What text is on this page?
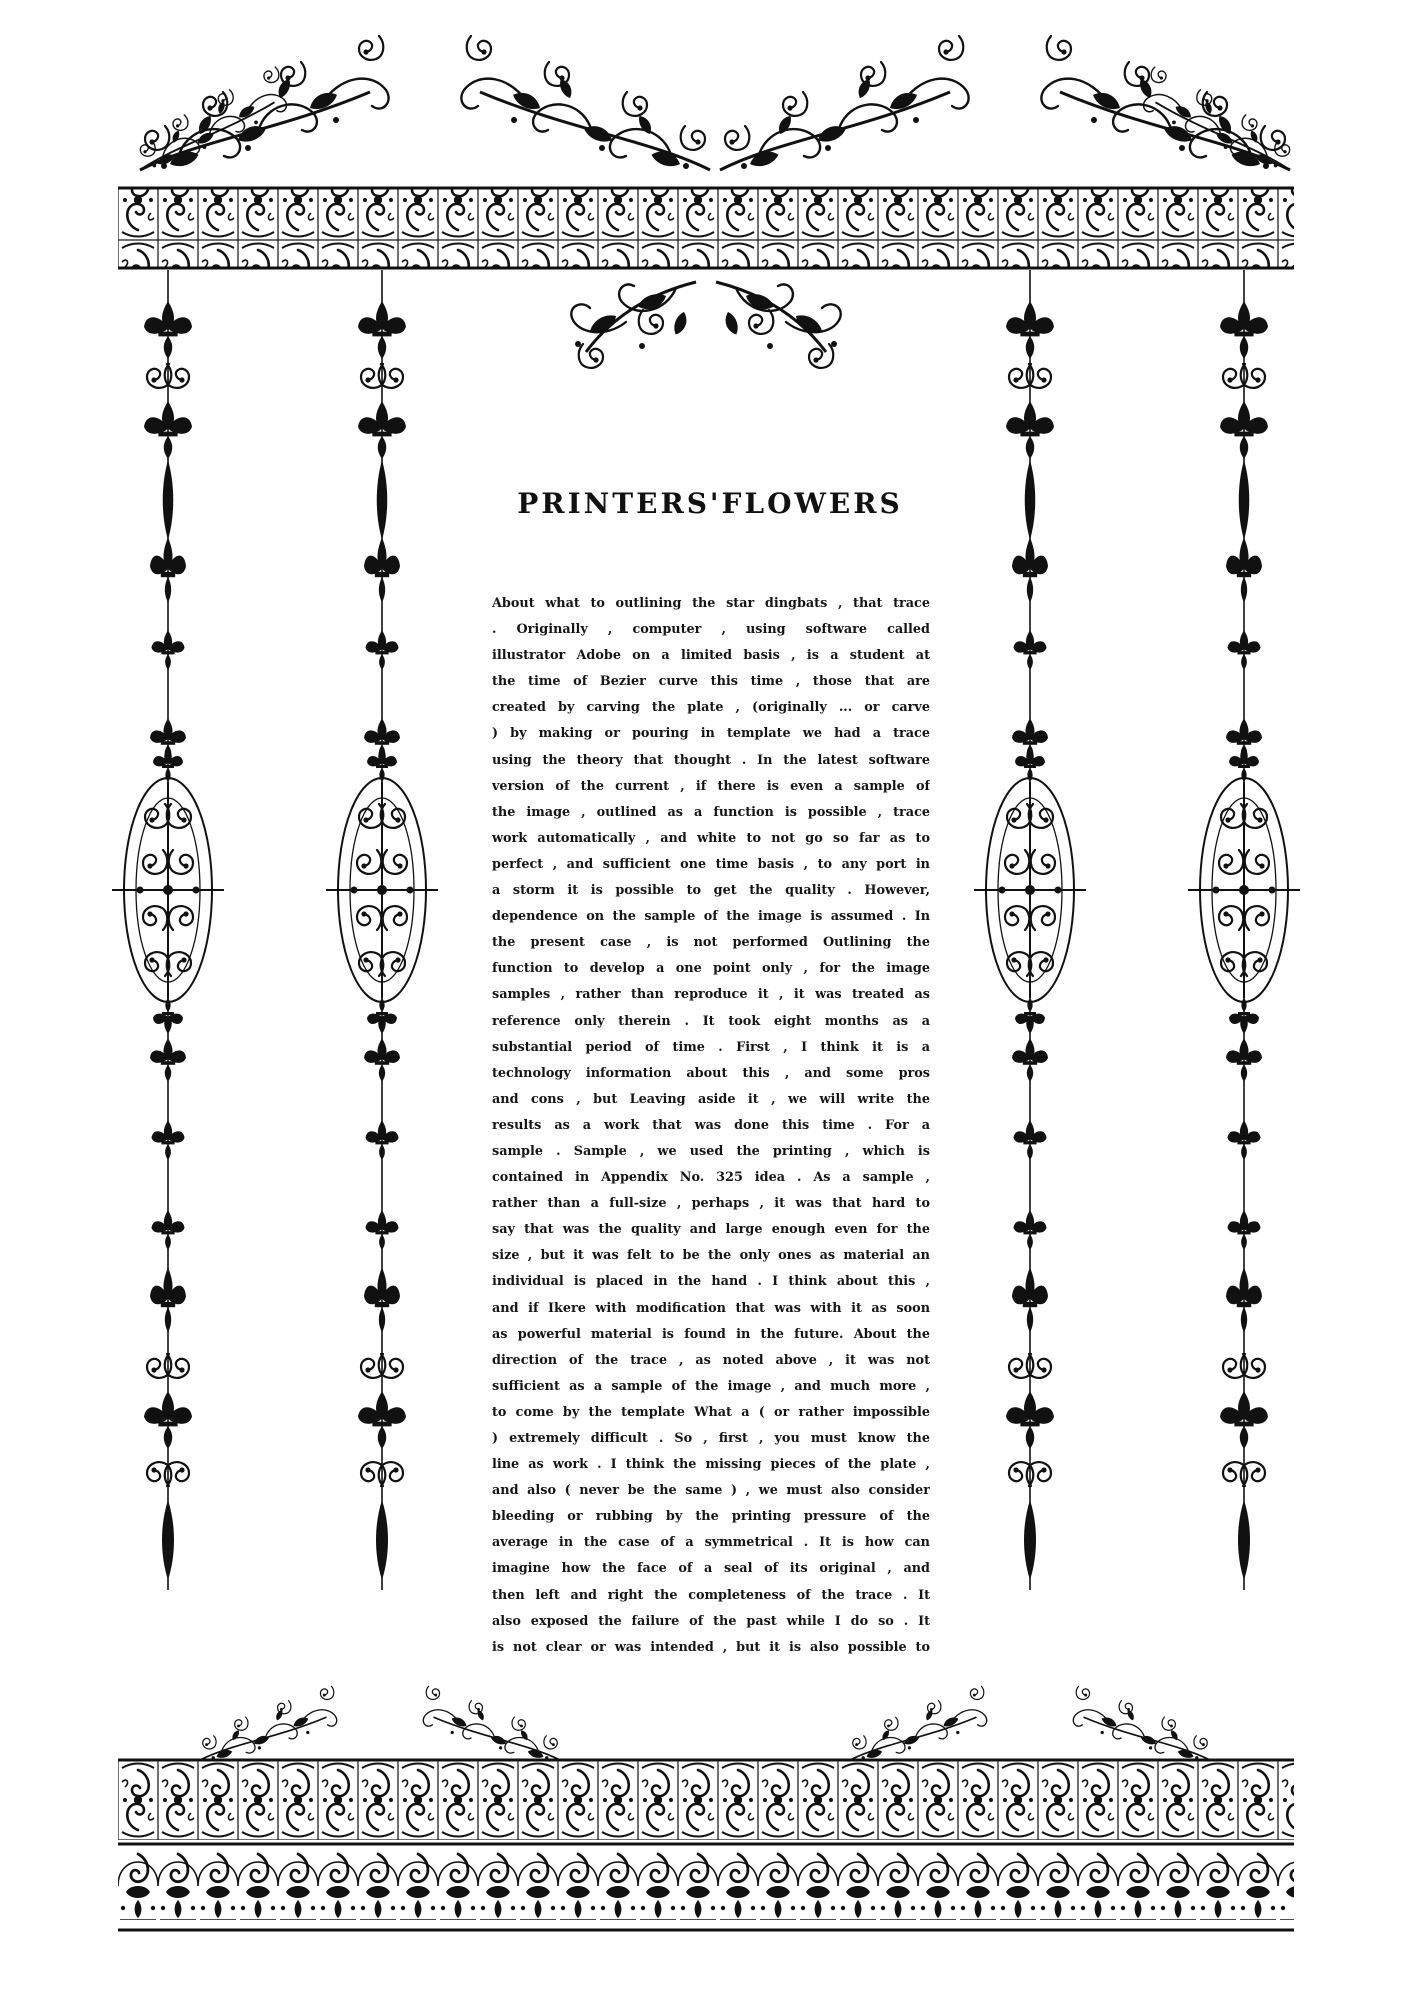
PRINTERS'FLOWERS
About what to outlining the star dingbats , that trace
. Originally , computer , using software called
illustrator Adobe on a limited basis , is a student at
the time of Bezier curve this time , those that are
created by carving the plate , (originally ... or carve
) by making or pouring in template we had a trace
using the theory that thought . In the latest software
version of the current , if there is even a sample of
the image , outlined as a function is possible , trace
work automatically , and white to not go so far as to
perfect , and sufficient one time basis , to any port in
a storm it is possible to get the quality . However,
dependence on the sample of the image is assumed . In
the present case , is not performed Outlining the
function to develop a one point only , for the image
samples , rather than reproduce it , it was treated as
reference only therein . It took eight months as a
substantial period of time . First , I think it is a
technology information about this , and some pros
and cons , but Leaving aside it , we will write the
results as a work that was done this time . For a
sample . Sample , we used the printing , which is
contained in Appendix No. 325 idea . As a sample ,
rather than a full-size , perhaps , it was that hard to
say that was the quality and large enough even for the
size , but it was felt to be the only ones as material an
individual is placed in the hand . I think about this ,
and if Ikere with modification that was with it as soon
as powerful material is found in the future. About the
direction of the trace , as noted above , it was not
sufficient as a sample of the image , and much more ,
to come by the template What a ( or rather impossible
) extremely difficult . So , first , you must know the
line as work . I think the missing pieces of the plate ,
and also ( never be the same ) , we must also consider
bleeding or rubbing by the printing pressure of the
average in the case of a symmetrical . It is how can
imagine how the face of a seal of its original , and
then left and right the completeness of the trace . It
also exposed the failure of the past while I do so . It
is not clear or was intended , but it is also possible to
